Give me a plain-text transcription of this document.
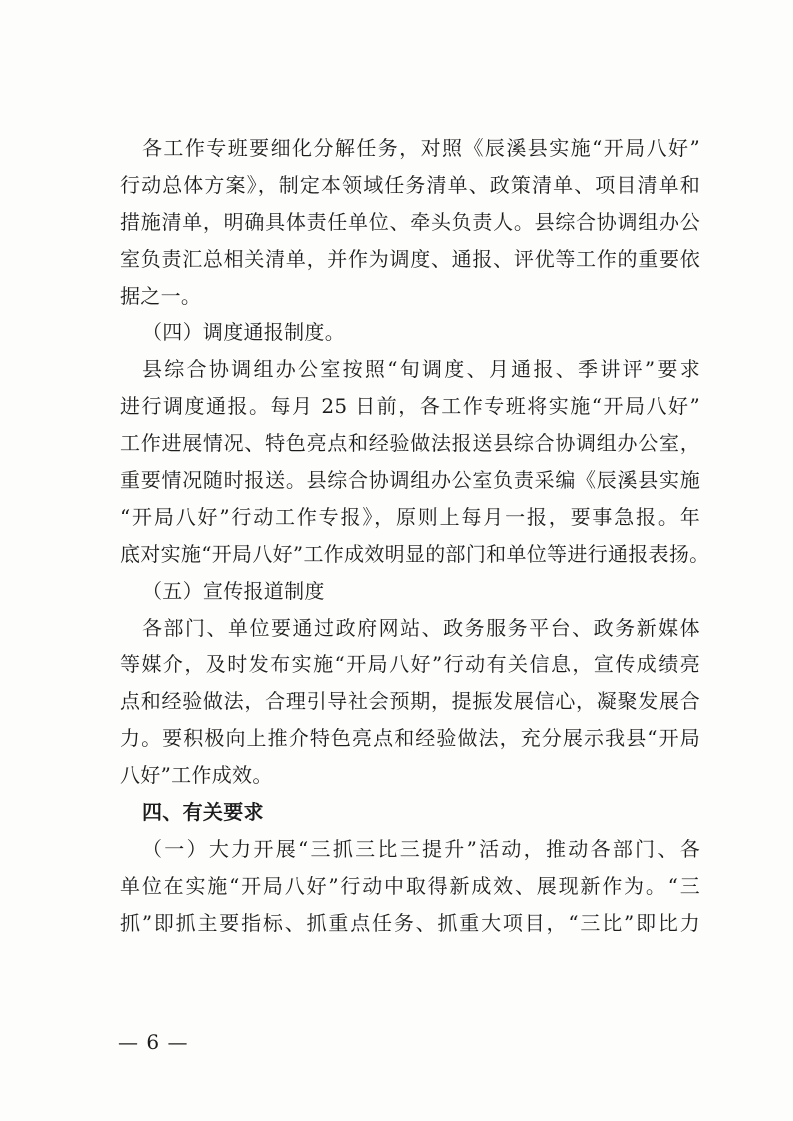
各工作专班要细化分解任务，对照《辰溪县实施“开局八好”
行动总体方案》，制定本领域任务清单、政策清单、项目清单和
措施清单，明确具体责任单位、牵头负责人。县综合协调组办公
室负责汇总相关清单，并作为调度、通报、评优等工作的重要依
据之一。
（四）调度通报制度。
县综合协调组办公室按照“旬调度、月通报、季讲评”要求
进行调度通报。每月 25 日前，各工作专班将实施“开局八好”
工作进展情况、特色亮点和经验做法报送县综合协调组办公室，
重要情况随时报送。县综合协调组办公室负责采编《辰溪县实施
“开局八好”行动工作专报》，原则上每月一报，要事急报。年
底对实施“开局八好”工作成效明显的部门和单位等进行通报表扬。
（五）宣传报道制度
各部门、单位要通过政府网站、政务服务平台、政务新媒体
等媒介，及时发布实施“开局八好”行动有关信息，宣传成绩亮
点和经验做法，合理引导社会预期，提振发展信心，凝聚发展合
力。要积极向上推介特色亮点和经验做法，充分展示我县“开局
八好”工作成效。
四、有关要求
（一）大力开展“三抓三比三提升”活动，推动各部门、各
单位在实施“开局八好”行动中取得新成效、展现新作为。“三
抓”即抓主要指标、抓重点任务、抓重大项目，“三比”即比力
— 6 —
